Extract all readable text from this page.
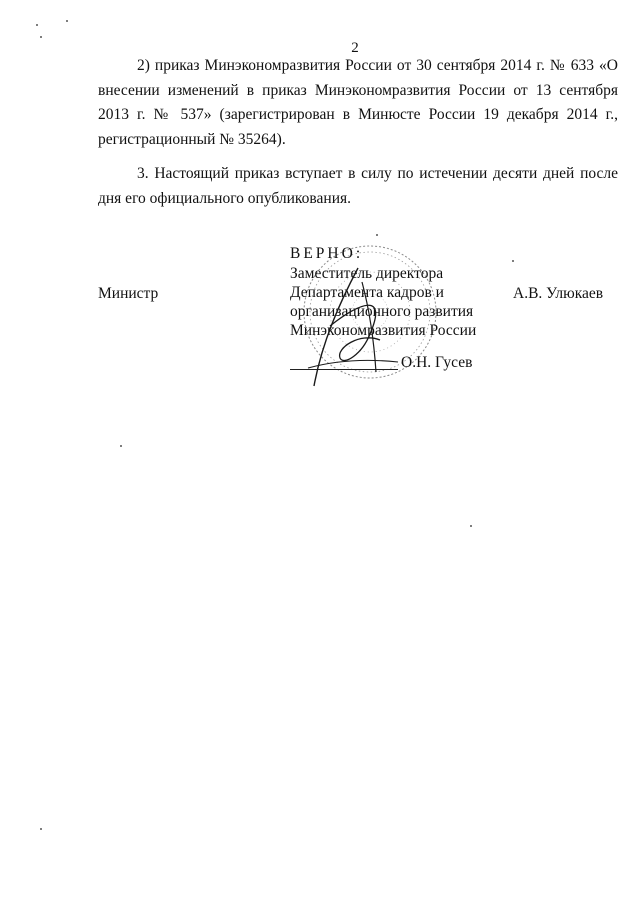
2

2) приказ Минэкономразвития России от 30 сентября 2014 г. № 633 «О внесении изменений в приказ Минэкономразвития России от 13 сентября 2013 г. № 537» (зарегистрирован в Минюсте России 19 декабря 2014 г., регистрационный № 35264).

3. Настоящий приказ вступает в силу по истечении десяти дней после дня его официального опубликования.

Министр	А.В. Улюкаев
ВЕРНО:
Заместитель директора
Департамента кадров и
организационного развития
Минэкономразвития России
О.Н. Гусев
